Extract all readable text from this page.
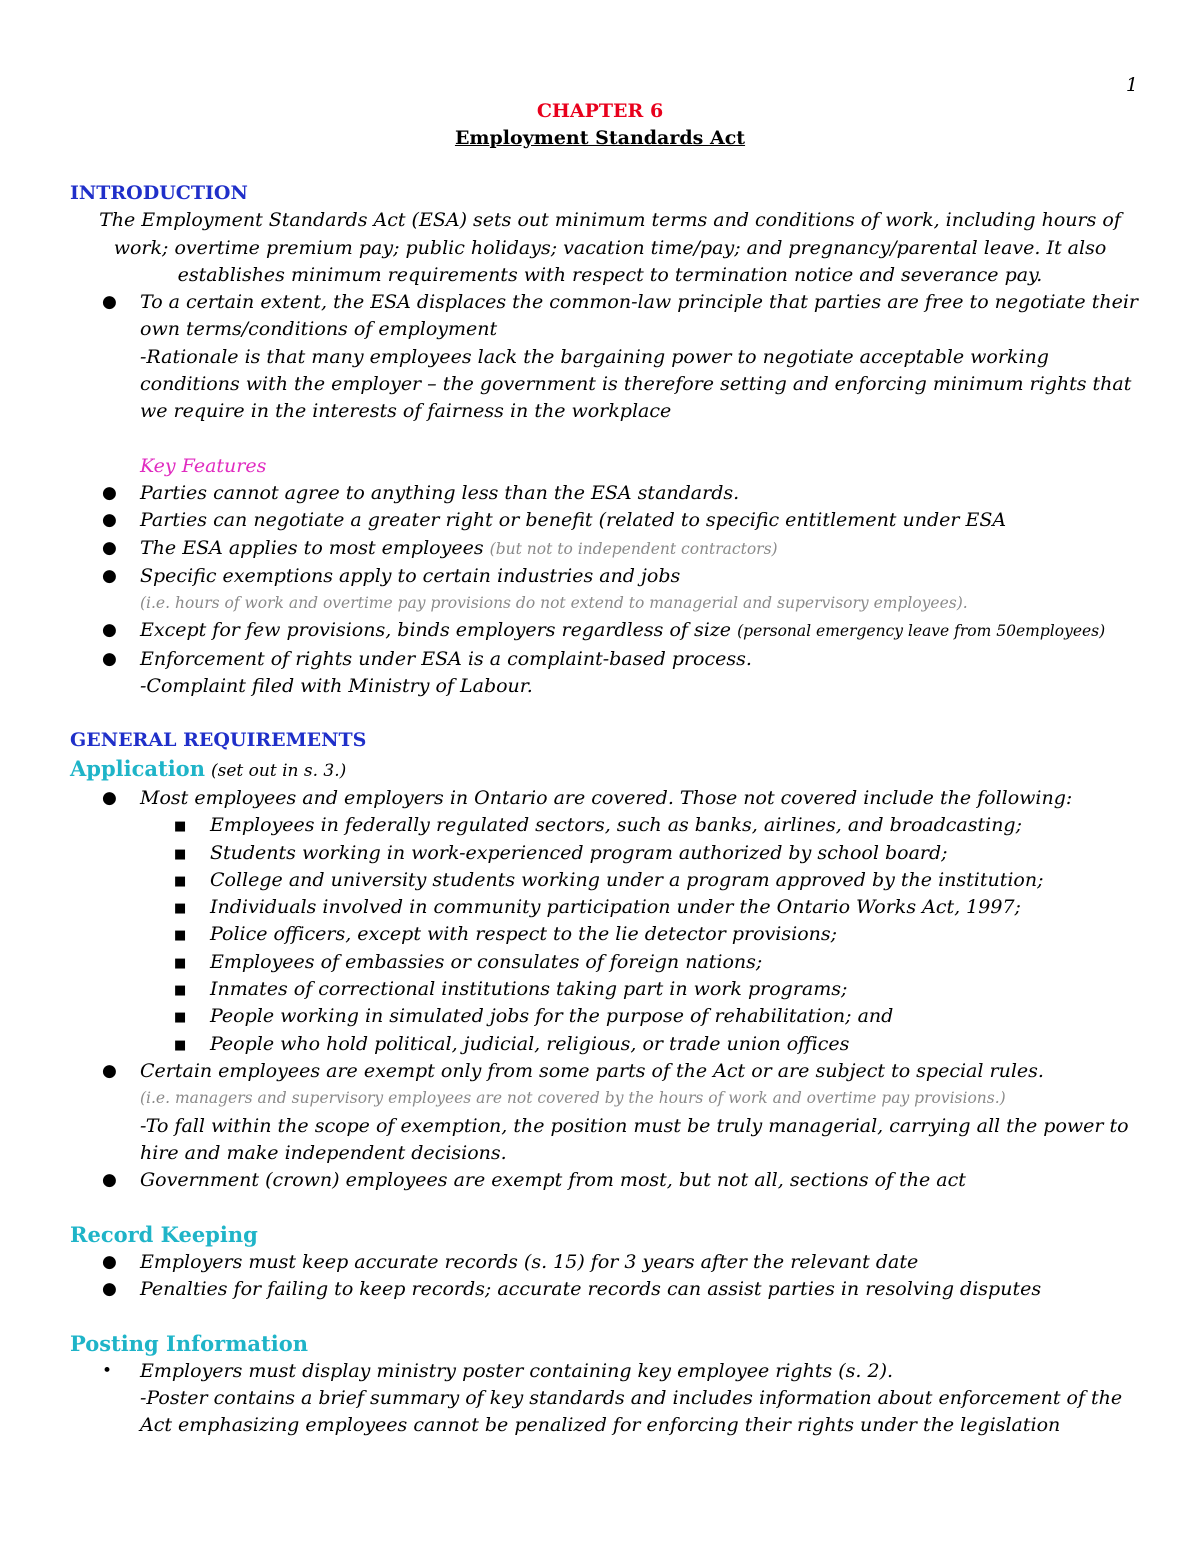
1
CHAPTER 6
Employment Standards Act
INTRODUCTION
The Employment Standards Act (ESA) sets out minimum terms and conditions of work, including hours of work; overtime premium pay; public holidays; vacation time/pay; and pregnancy/parental leave. It also establishes minimum requirements with respect to termination notice and severance pay.
● To a certain extent, the ESA displaces the common-law principle that parties are free to negotiate their own terms/conditions of employment
-Rationale is that many employees lack the bargaining power to negotiate acceptable working conditions with the employer – the government is therefore setting and enforcing minimum rights that we require in the interests of fairness in the workplace
Key Features
● Parties cannot agree to anything less than the ESA standards.
● Parties can negotiate a greater right or benefit (related to specific entitlement under ESA
● The ESA applies to most employees (but not to independent contractors)
● Specific exemptions apply to certain industries and jobs
(i.e. hours of work and overtime pay provisions do not extend to managerial and supervisory employees).
● Except for few provisions, binds employers regardless of size (personal emergency leave from 50employees)
● Enforcement of rights under ESA is a complaint-based process.
-Complaint filed with Ministry of Labour.
GENERAL REQUIREMENTS
Application (set out in s. 3.)
● Most employees and employers in Ontario are covered. Those not covered include the following:
■ Employees in federally regulated sectors, such as banks, airlines, and broadcasting;
■ Students working in work-experienced program authorized by school board;
■ College and university students working under a program approved by the institution;
■ Individuals involved in community participation under the Ontario Works Act, 1997;
■ Police officers, except with respect to the lie detector provisions;
■ Employees of embassies or consulates of foreign nations;
■ Inmates of correctional institutions taking part in work programs;
■ People working in simulated jobs for the purpose of rehabilitation; and
■ People who hold political, judicial, religious, or trade union offices
● Certain employees are exempt only from some parts of the Act or are subject to special rules.
(i.e. managers and supervisory employees are not covered by the hours of work and overtime pay provisions.)
-To fall within the scope of exemption, the position must be truly managerial, carrying all the power to hire and make independent decisions.
● Government (crown) employees are exempt from most, but not all, sections of the act
Record Keeping
● Employers must keep accurate records (s. 15) for 3 years after the relevant date
● Penalties for failing to keep records; accurate records can assist parties in resolving disputes
Posting Information
• Employers must display ministry poster containing key employee rights (s. 2).
-Poster contains a brief summary of key standards and includes information about enforcement of the Act emphasizing employees cannot be penalized for enforcing their rights under the legislation
